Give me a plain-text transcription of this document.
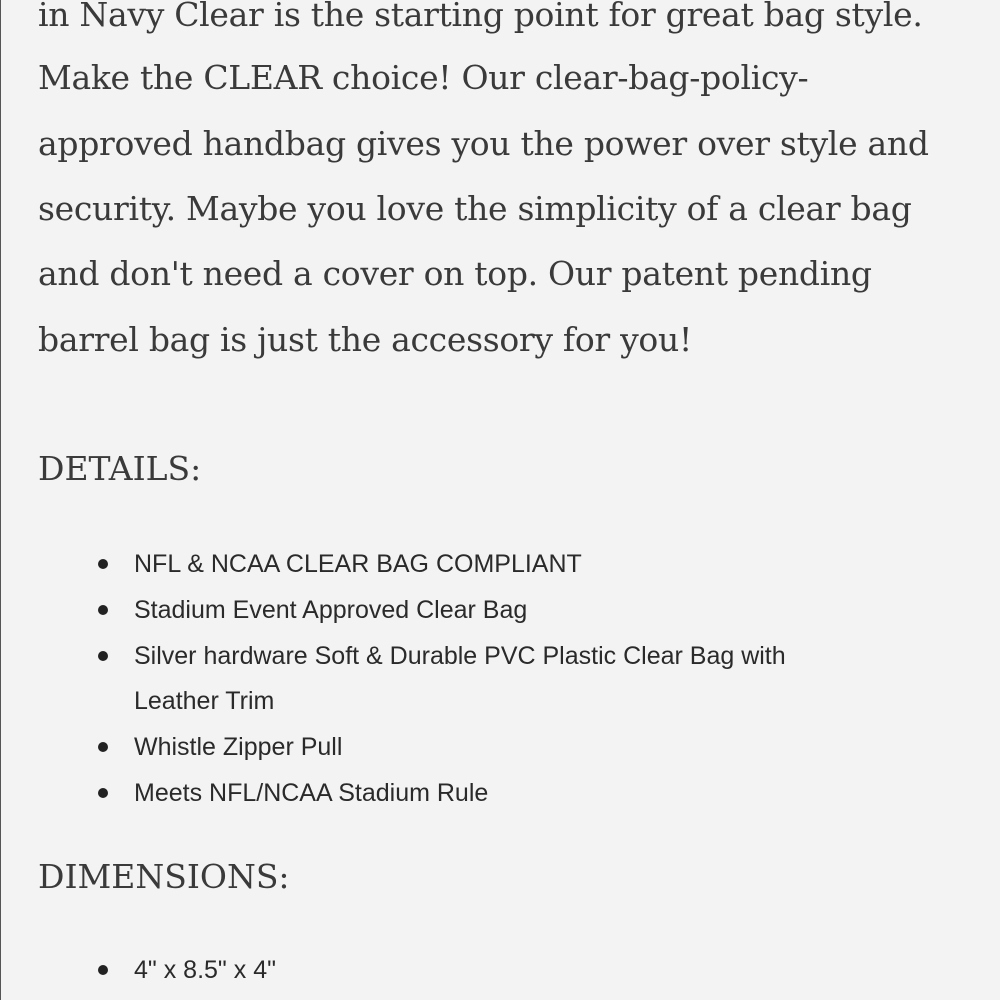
in Navy Clear is the starting point for great bag style.
Make the CLEAR choice! Our clear-bag-policy-
approved handbag gives you the power over style and
security. Maybe you love the simplicity of a clear bag
and don't need a cover on top. Our patent pending
barrel bag is just the accessory for you!
DETAILS:
NFL & NCAA CLEAR BAG COMPLIANT
Stadium Event Approved Clear Bag
Silver hardware Soft & Durable PVC Plastic Clear Bag with
Leather Trim
Whistle Zipper Pull
Meets NFL/NCAA Stadium Rule
DIMENSIONS:
4" x 8.5" x 4"
